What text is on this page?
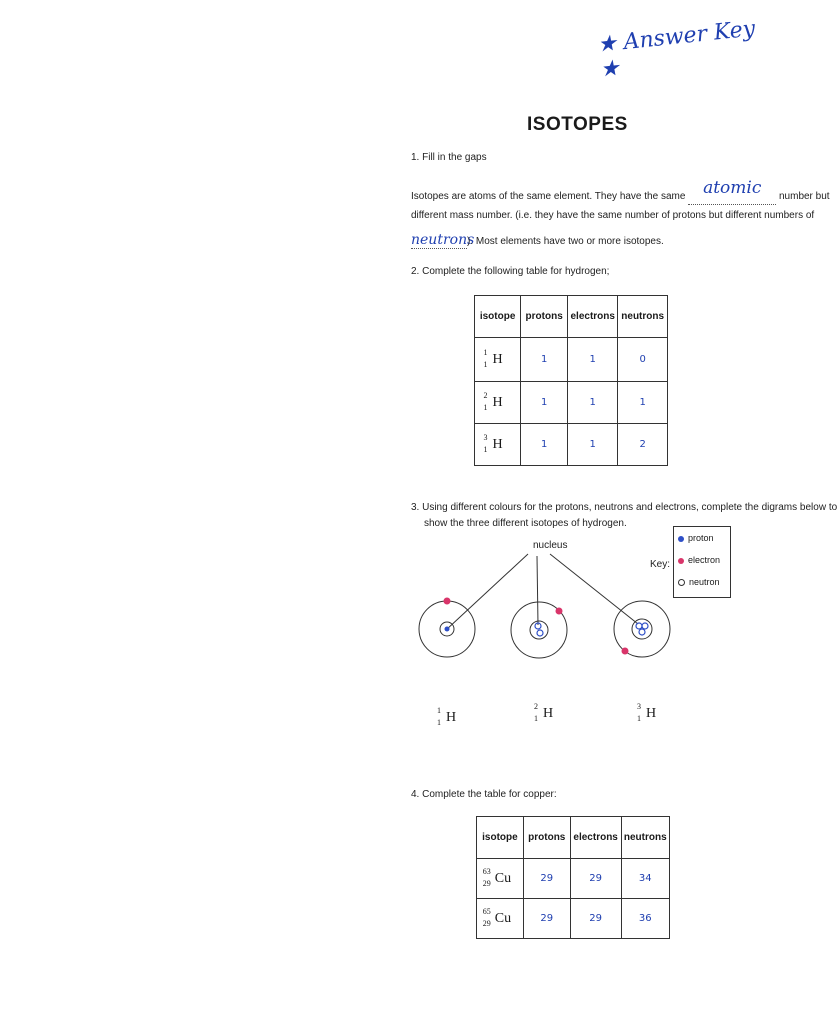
★ Answer Key ★
ISOTOPES
1. Fill in the gaps
Isotopes are atoms of the same element. They have the same atomic number but
different mass number. (i.e. they have the same number of protons but different numbers of
neutrons). Most elements have two or more isotopes.
2. Complete the following table for hydrogen;
isotope	protons	electrons	neutrons

1
1 H	1	1	0

2
1 H	1	1	1

3
1 H	1	1	2
3. Using different colours for the protons, neutrons and electrons, complete the digrams below to
show the three different isotopes of hydrogen.
nucleus
Key:
proton
electron
neutron
1
1 H
2
1 H	3
1 H
4. Complete the table for copper:
isotope	protons	electrons	neutrons

63
29 Cu	29	29	34

65
29 Cu	29	29	36
